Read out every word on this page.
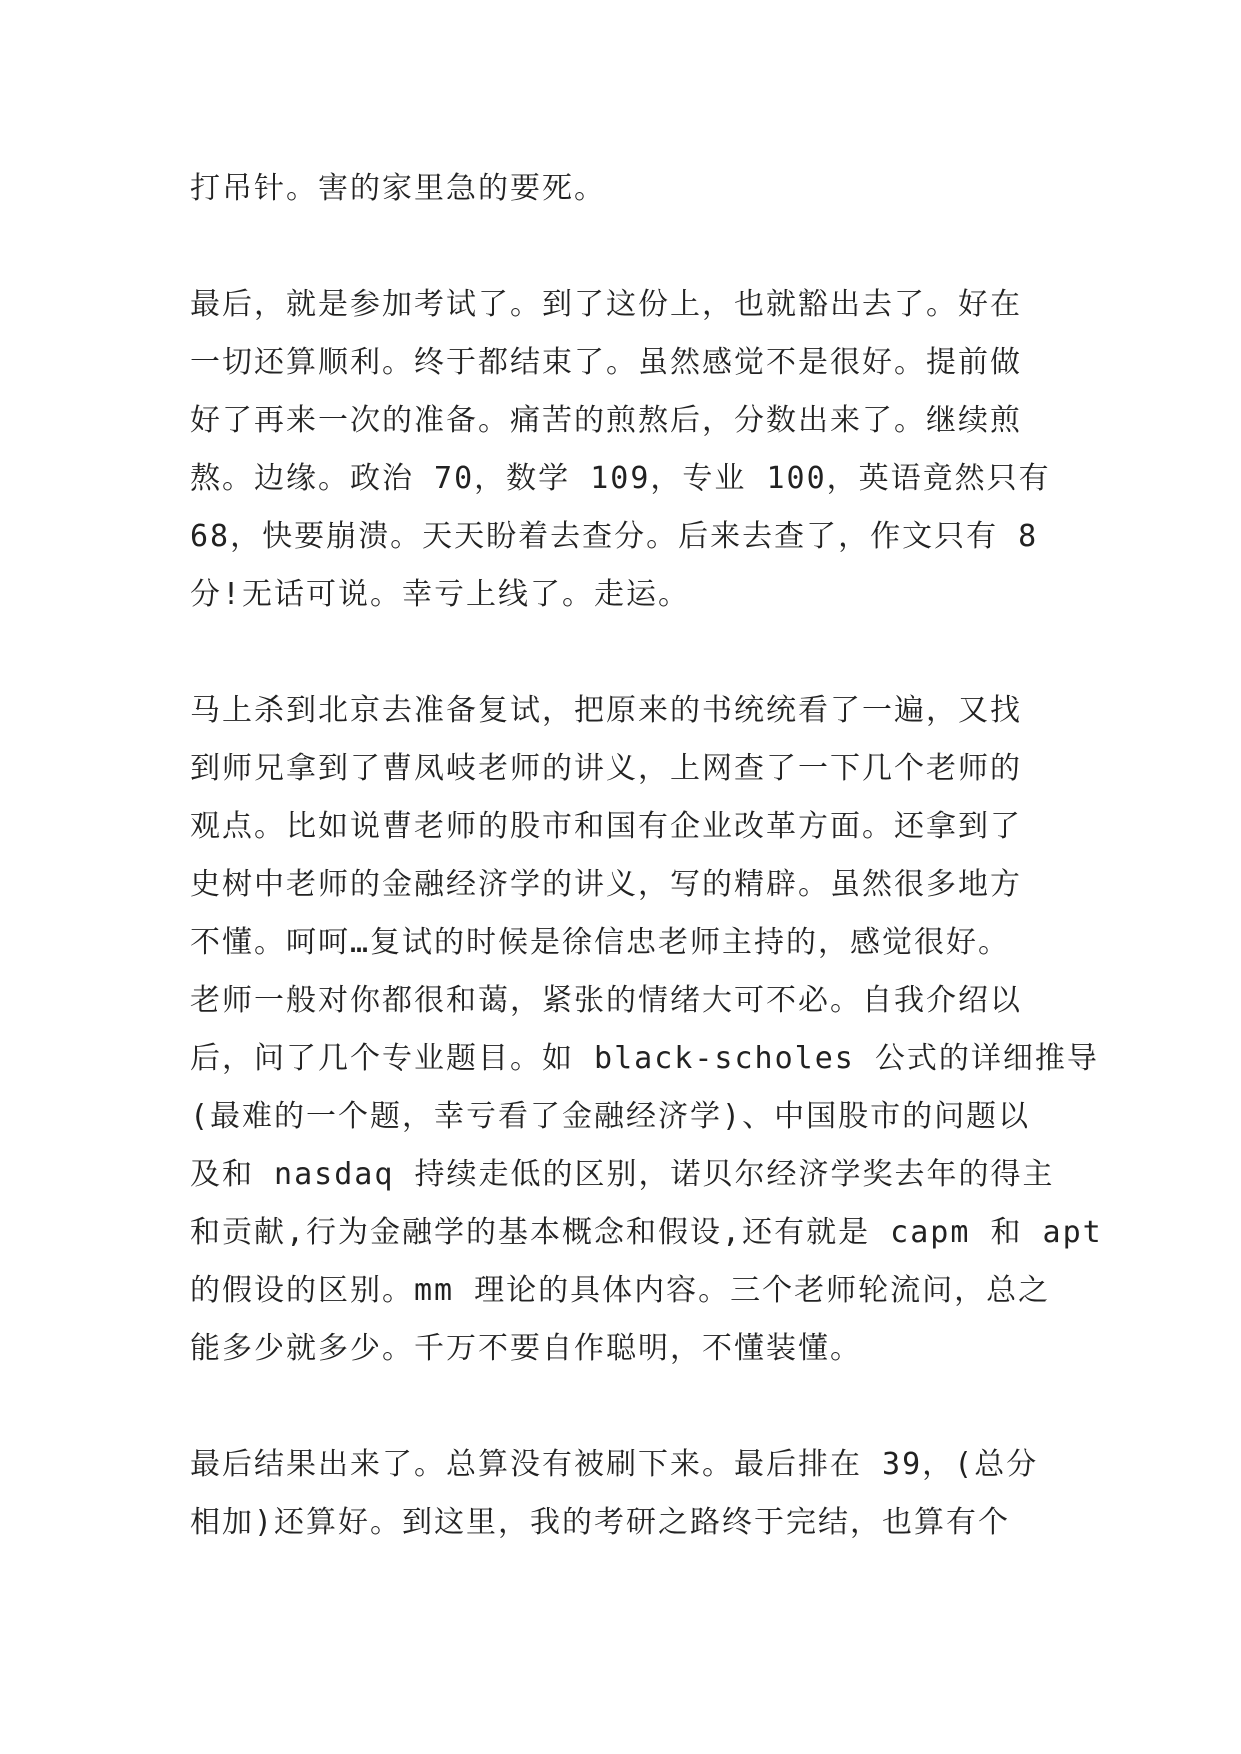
打吊针。害的家里急的要死。
最后，就是参加考试了。到了这份上，也就豁出去了。好在
一切还算顺利。终于都结束了。虽然感觉不是很好。提前做
好了再来一次的准备。痛苦的煎熬后，分数出来了。继续煎
熬。边缘。政治 70，数学 109，专业 100，英语竟然只有
68，快要崩溃。天天盼着去查分。后来去查了，作文只有 8
分!无话可说。幸亏上线了。走运。
马上杀到北京去准备复试，把原来的书统统看了一遍，又找
到师兄拿到了曹凤岐老师的讲义，上网查了一下几个老师的
观点。比如说曹老师的股市和国有企业改革方面。还拿到了
史树中老师的金融经济学的讲义，写的精辟。虽然很多地方
不懂。呵呵…复试的时候是徐信忠老师主持的，感觉很好。
老师一般对你都很和蔼，紧张的情绪大可不必。自我介绍以
后，问了几个专业题目。如 black-scholes 公式的详细推导
(最难的一个题，幸亏看了金融经济学)、中国股市的问题以
及和 nasdaq 持续走低的区别，诺贝尔经济学奖去年的得主
和贡献,行为金融学的基本概念和假设,还有就是 capm 和 apt
的假设的区别。mm 理论的具体内容。三个老师轮流问，总之
能多少就多少。千万不要自作聪明，不懂装懂。
最后结果出来了。总算没有被刷下来。最后排在 39，(总分
相加)还算好。到这里，我的考研之路终于完结，也算有个
